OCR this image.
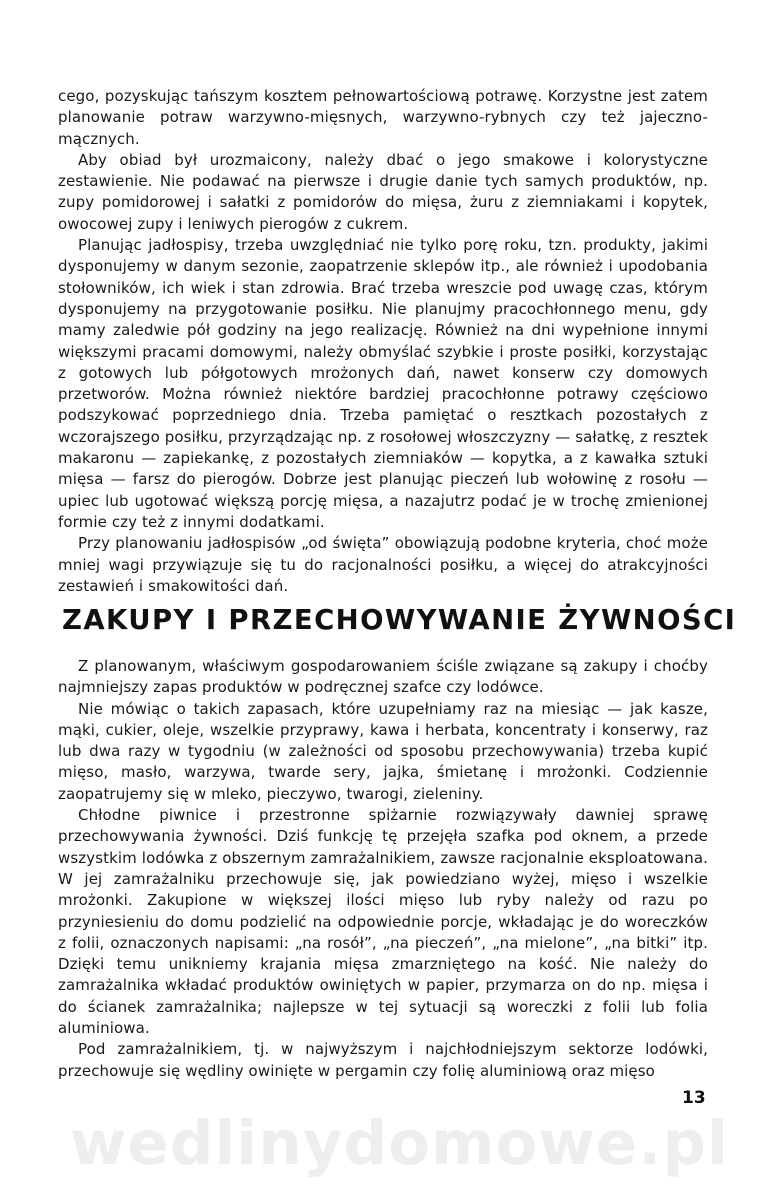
cego, pozyskując tańszym kosztem pełnowartościową potrawę. Korzystne jest zatem planowanie potraw warzywno-mięsnych, warzywno-rybnych czy też jajeczno-mącznych.

Aby obiad był urozmaicony, należy dbać o jego smakowe i kolorystyczne zestawienie. Nie podawać na pierwsze i drugie danie tych samych produktów, np. zupy pomidorowej i sałatki z pomidorów do mięsa, żuru z ziemniakami i kopytek, owocowej zupy i leniwych pierogów z cukrem.

Planując jadłospisy, trzeba uwzględniać nie tylko porę roku, tzn. produkty, jakimi dysponujemy w danym sezonie, zaopatrzenie sklepów itp., ale również i upodobania stołowników, ich wiek i stan zdrowia. Brać trzeba wreszcie pod uwagę czas, którym dysponujemy na przygotowanie posiłku. Nie planujmy pracochłonnego menu, gdy mamy zaledwie pół godziny na jego realizację. Również na dni wypełnione innymi większymi pracami domowymi, należy obmyślać szybkie i proste posiłki, korzystając z gotowych lub półgotowych mrożonych dań, nawet konserw czy domowych przetworów. Można również niektóre bardziej pracochłonne potrawy częściowo podszykować poprzedniego dnia. Trzeba pamiętać o resztkach pozostałych z wczorajszego posiłku, przyrządzając np. z rosołowej włoszczyzny — sałatkę, z resztek makaronu — zapiekankę, z pozostałych ziemniaków — kopytka, a z kawałka sztuki mięsa — farsz do pierogów. Dobrze jest planując pieczeń lub wołowinę z rosołu — upiec lub ugotować większą porcję mięsa, a nazajutrz podać je w trochę zmienionej formie czy też z innymi dodatkami.

Przy planowaniu jadłospisów „od święta” obowiązują podobne kryteria, choć może mniej wagi przywiązuje się tu do racjonalności posiłku, a więcej do atrakcyjności zestawień i smakowitości dań.

ZAKUPY I PRZECHOWYWANIE ŻYWNOŚCI

Z planowanym, właściwym gospodarowaniem ściśle związane są zakupy i choćby najmniejszy zapas produktów w podręcznej szafce czy lodówce.

Nie mówiąc o takich zapasach, które uzupełniamy raz na miesiąc — jak kasze, mąki, cukier, oleje, wszelkie przyprawy, kawa i herbata, koncentraty i konserwy, raz lub dwa razy w tygodniu (w zależności od sposobu przechowywania) trzeba kupić mięso, masło, warzywa, twarde sery, jajka, śmietanę i mrożonki. Codziennie zaopatrujemy się w mleko, pieczywo, twarogi, zieleniny.

Chłodne piwnice i przestronne spiżarnie rozwiązywały dawniej sprawę przechowywania żywności. Dziś funkcję tę przejęła szafka pod oknem, a przede wszystkim lodówka z obszernym zamrażalnikiem, zawsze racjonalnie eksploatowana. W jej zamrażalniku przechowuje się, jak powiedziano wyżej, mięso i wszelkie mrożonki. Zakupione w większej ilości mięso lub ryby należy od razu po przyniesieniu do domu podzielić na odpowiednie porcje, wkładając je do woreczków z folii, oznaczonych napisami: „na rosół”, „na pieczeń”, „na mielone”, „na bitki” itp. Dzięki temu unikniemy krajania mięsa zmarzniętego na kość. Nie należy do zamrażalnika wkładać produktów owiniętych w papier, przymarza on do np. mięsa i do ścianek zamrażalnika; najlepsze w tej sytuacji są woreczki z folii lub folia aluminiowa.

Pod zamrażalnikiem, tj. w najwyższym i najchłodniejszym sektorze lodówki, przechowuje się wędliny owinięte w pergamin czy folię aluminiową oraz mięso

13
wedlinydomowe.pl
